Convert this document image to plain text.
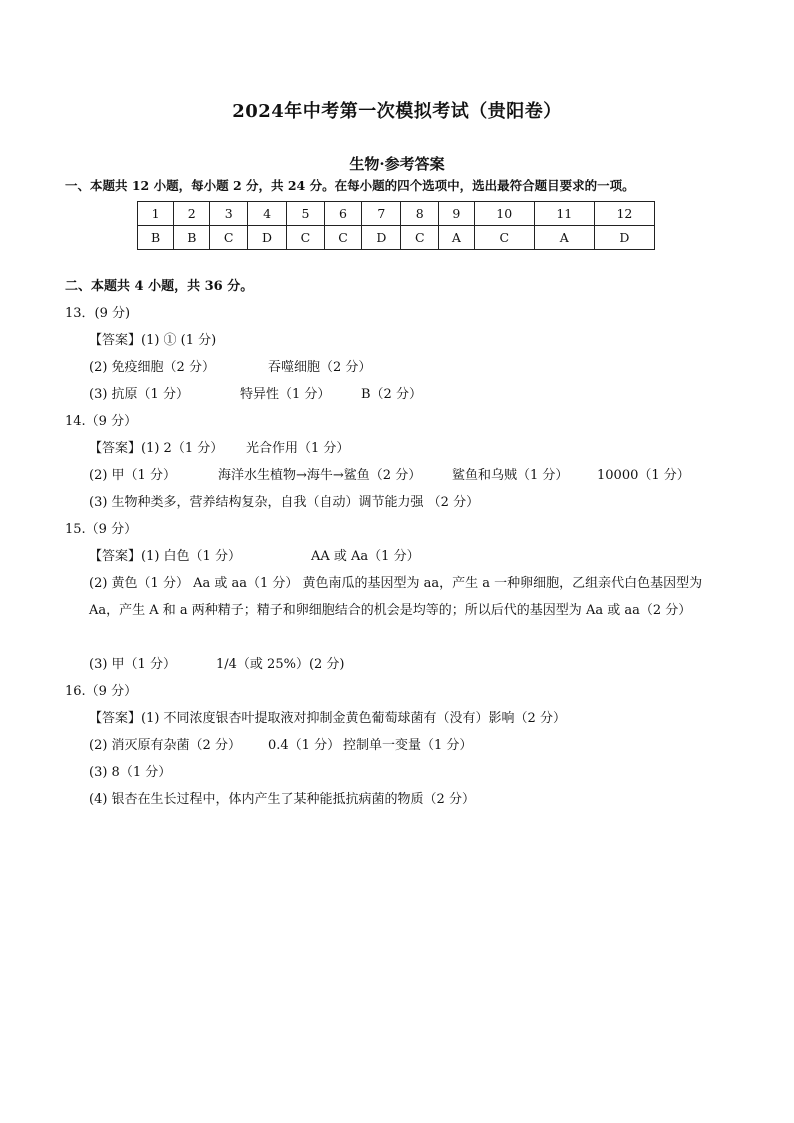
2024年中考第一次模拟考试（贵阳卷）
生物·参考答案
一、本题共 12 小题，每小题 2 分，共 24 分。在每小题的四个选项中，选出最符合题目要求的一项。
1	2	3	4	5	6	7	8	9	10	11	12
B	B	C	D	C	C	D	C	A	C	A	D
二、本题共 4 小题，共 36 分。
13．(9 分)
【答案】(1) ① (1 分)
(2) 免疫细胞（2 分）	吞噬细胞（2 分）
(3) 抗原（1 分）	特异性（1 分） B（2 分）
14.（9 分）
【答案】(1) 2（1 分） 光合作用（1 分）
(2) 甲（1 分）	海洋水生植物→海牛→鲨鱼（2 分） 鲨鱼和乌贼（1 分） 10000（1 分）
(3) 生物种类多，营养结构复杂，自我（自动）调节能力强 （2 分）
15.（9 分）
【答案】(1) 白色（1 分）	AA 或 Aa（1 分）
(2) 黄色（1 分） Aa 或 aa（1 分） 黄色南瓜的基因型为 aa，产生 a 一种卵细胞，乙组亲代白色基因型为 Aa，产生 A 和 a 两种精子；精子和卵细胞结合的机会是均等的；所以后代的基因型为 Aa 或 aa（2 分）
(3) 甲（1 分）	1/4（或 25%）(2 分)
16.（9 分）
【答案】(1) 不同浓度银杏叶提取液对抑制金黄色葡萄球菌有（没有）影响（2 分）
(2) 消灭原有杂菌（2 分） 0.4（1 分） 控制单一变量（1 分）
(3) 8（1 分）
(4) 银杏在生长过程中，体内产生了某种能抵抗病菌的物质（2 分）
